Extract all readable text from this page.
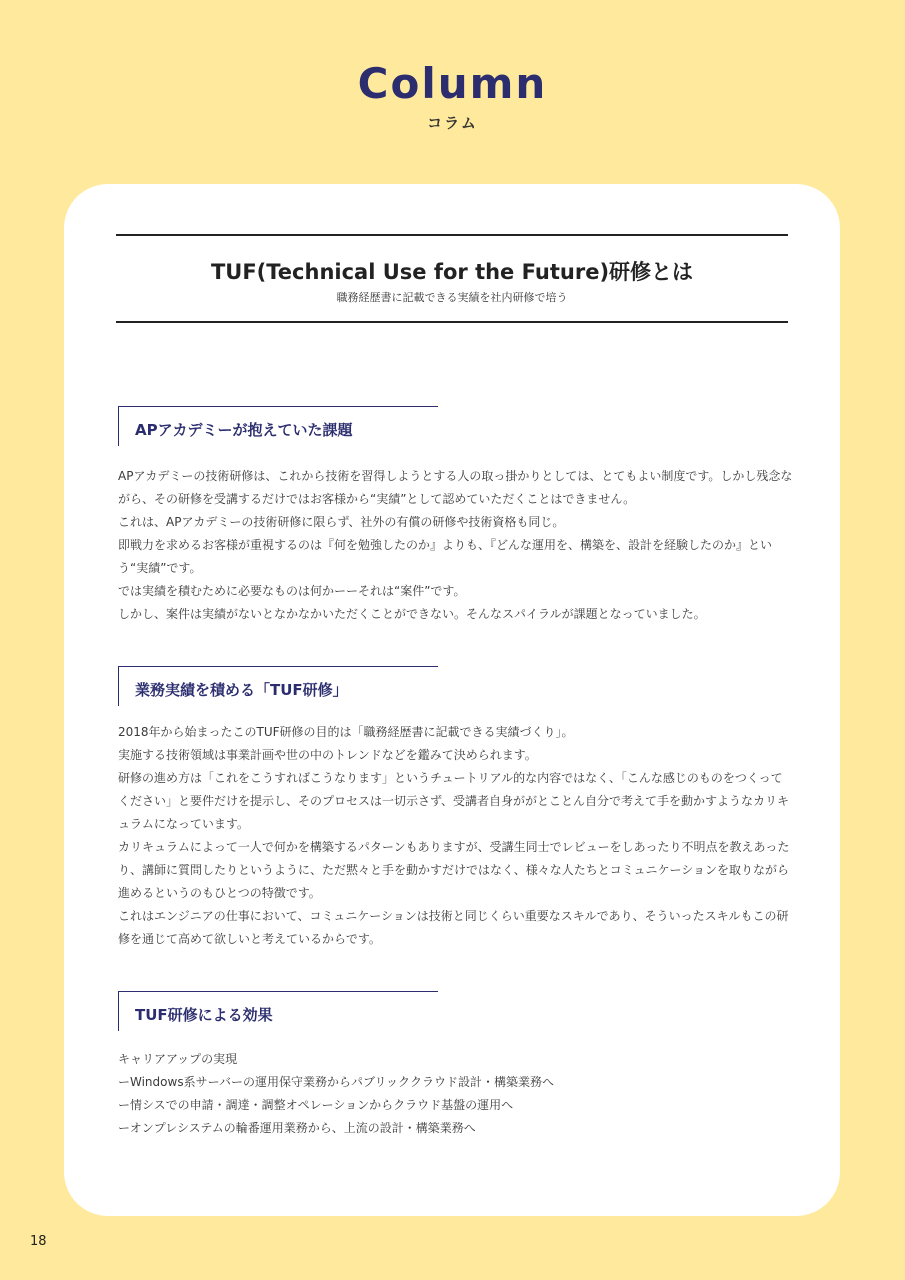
Column
コラム
TUF(Technical Use for the Future)研修とは
職務経歴書に記載できる実績を社内研修で培う
APアカデミーが抱えていた課題

APアカデミーの技術研修は、これから技術を習得しようとする人の取っ掛かりとしては、とてもよい制度です。しかし残念ながら、その研修を受講するだけではお客様から“実績”として認めていただくことはできません。

これは、APアカデミーの技術研修に限らず、社外の有償の研修や技術資格も同じ。

即戦力を求めるお客様が重視するのは『何を勉強したのか』よりも、『どんな運用を、構築を、設計を経験したのか』という“実績”です。

では実績を積むために必要なものは何かーーそれは“案件”です。

しかし、案件は実績がないとなかなかいただくことができない。そんなスパイラルが課題となっていました。

業務実績を積める「TUF研修」

2018年から始まったこのTUF研修の目的は「職務経歴書に記載できる実績づくり」。

実施する技術領域は事業計画や世の中のトレンドなどを鑑みて決められます。

研修の進め方は「これをこうすればこうなります」というチュートリアル的な内容ではなく、「こんな感じのものをつくってください」と要件だけを提示し、そのプロセスは一切示さず、受講者自身ががとことん自分で考えて手を動かすようなカリキュラムになっています。

カリキュラムによって一人で何かを構築するパターンもありますが、受講生同士でレビューをしあったり不明点を教えあったり、講師に質問したりというように、ただ黙々と手を動かすだけではなく、様々な人たちとコミュニケーションを取りながら進めるというのもひとつの特徴です。

これはエンジニアの仕事において、コミュニケーションは技術と同じくらい重要なスキルであり、そういったスキルもこの研修を通じて高めて欲しいと考えているからです。

TUF研修による効果

キャリアアップの実現

ーWindows系サーバーの運用保守業務からパブリッククラウド設計・構築業務へ

ー情シスでの申請・調達・調整オペレーションからクラウド基盤の運用へ

ーオンプレシステムの輪番運用業務から、上流の設計・構築業務へ

18
